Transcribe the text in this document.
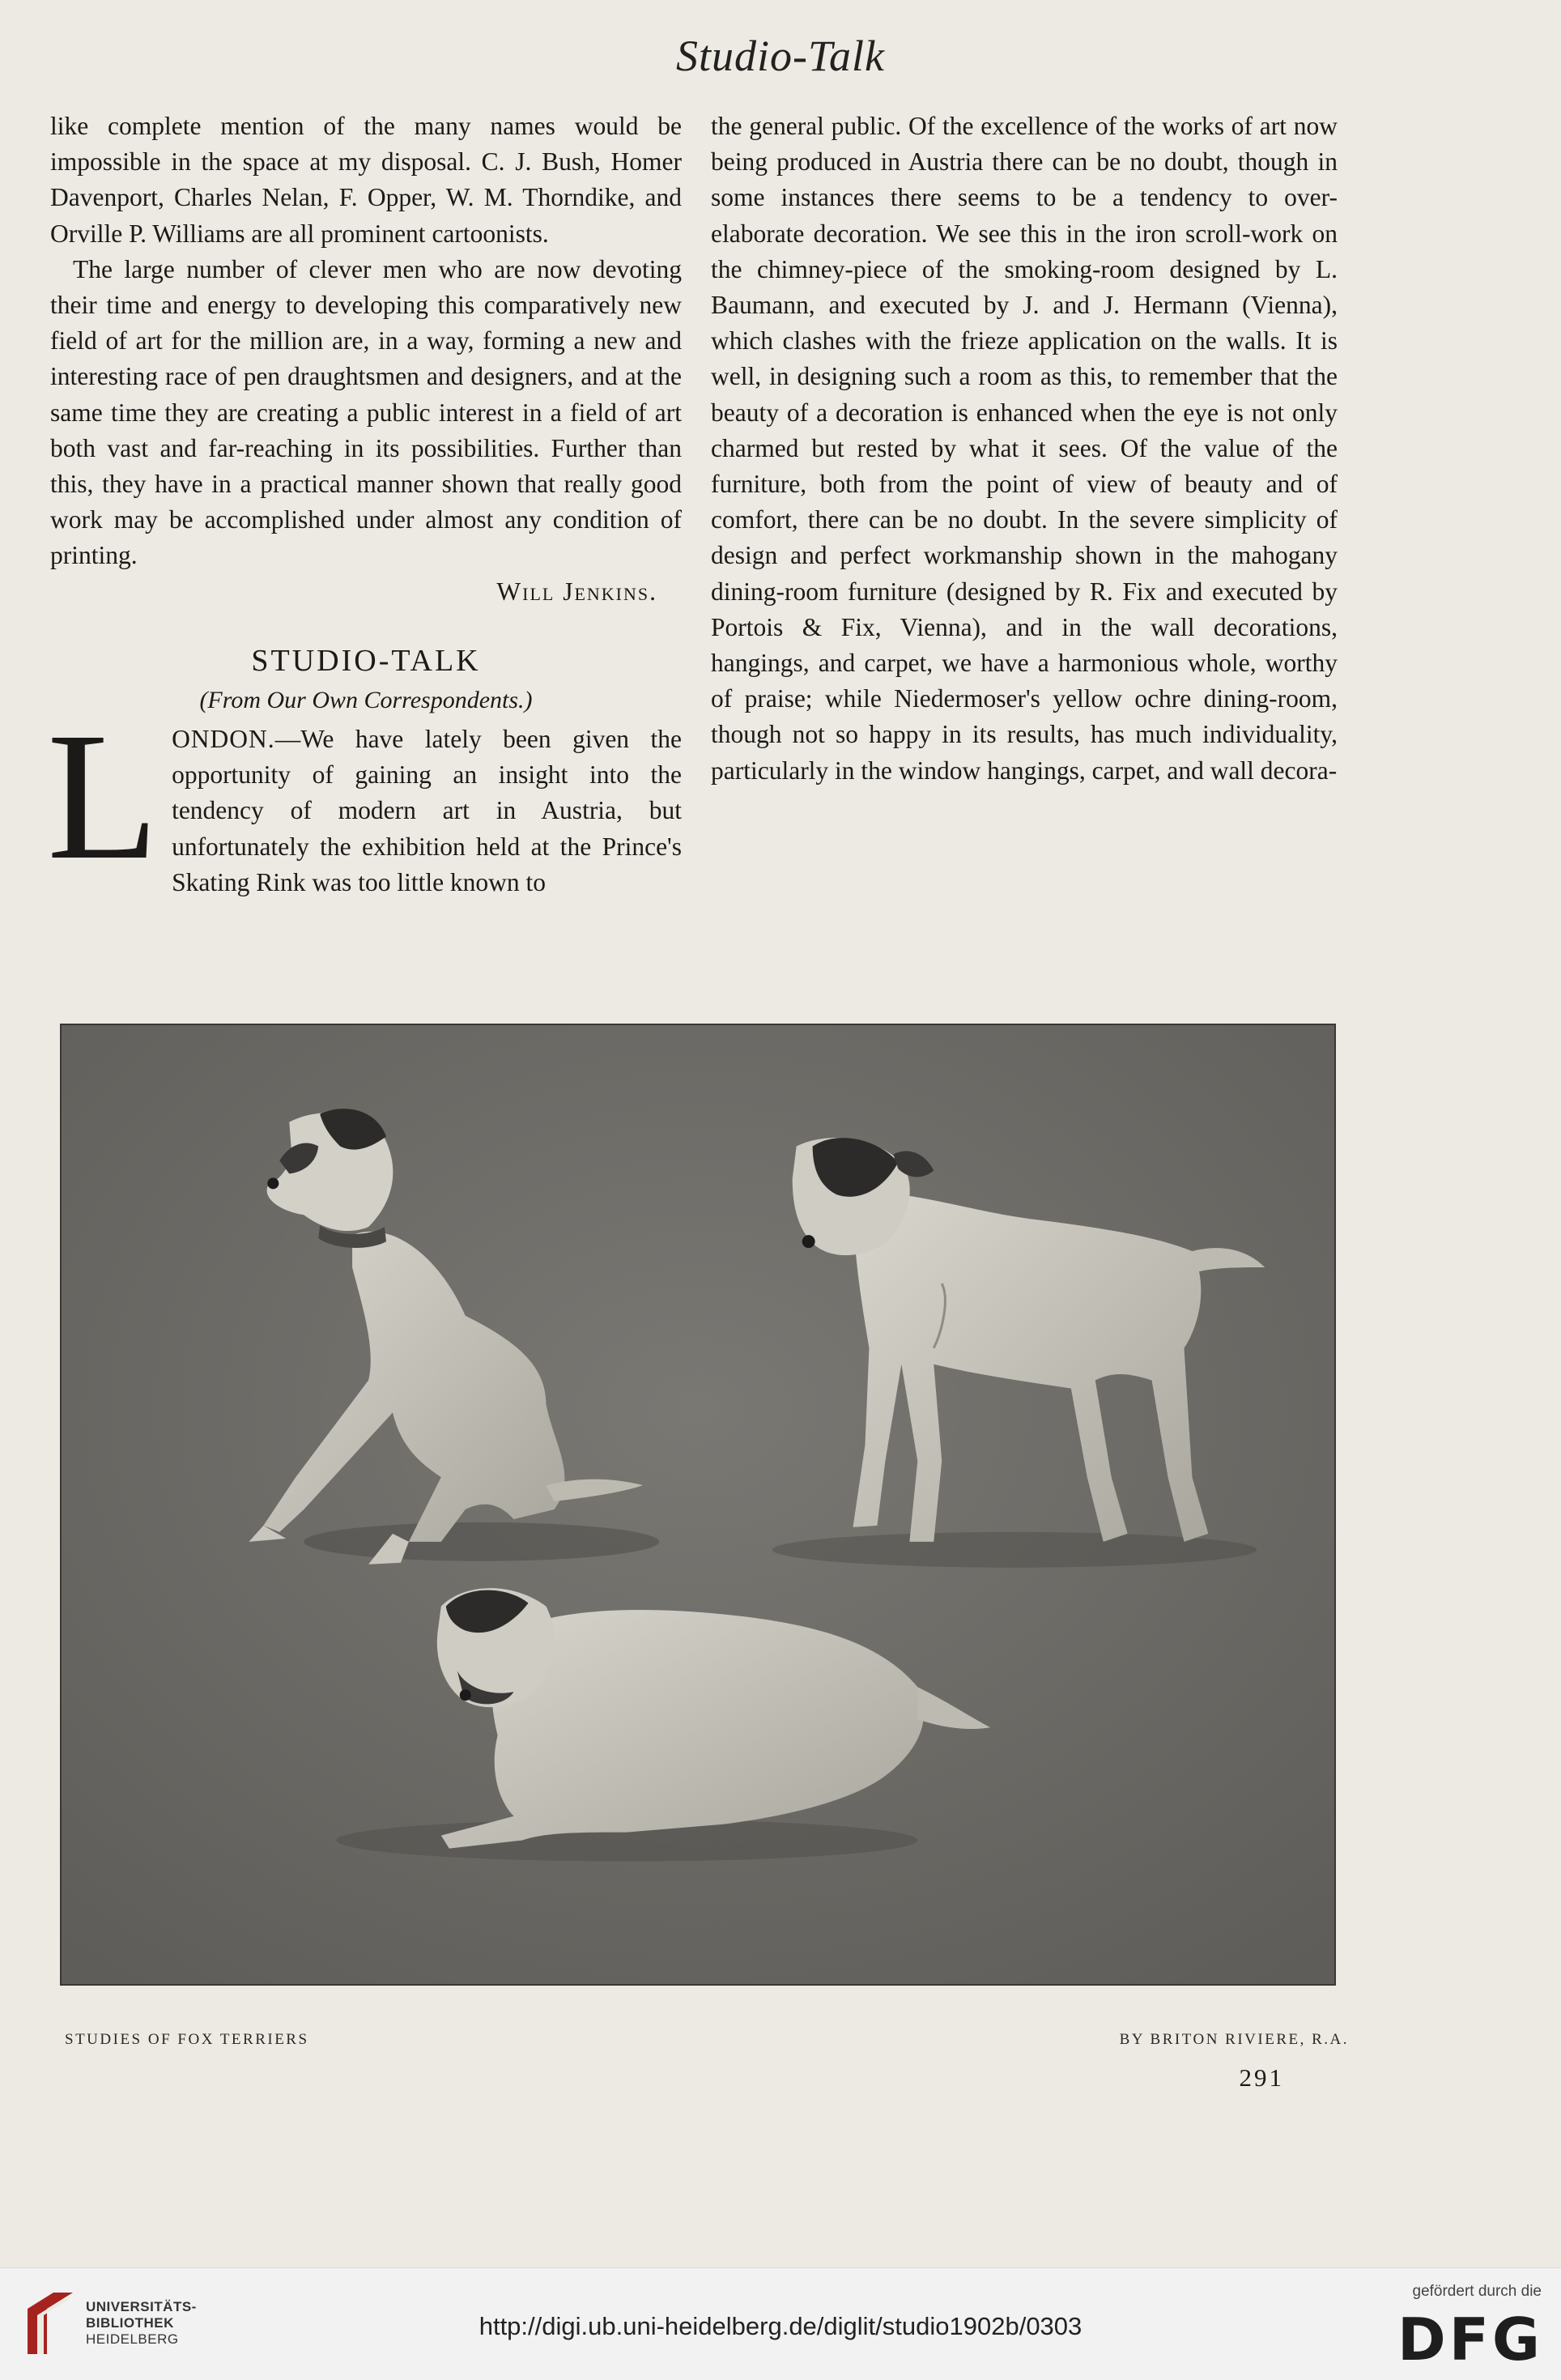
Studio-Talk

like complete mention of the many names would be impossible in the space at my disposal. C. J. Bush, Homer Davenport, Charles Nelan, F. Opper, W. M. Thorndike, and Orville P. Williams are all prominent cartoonists.

The large number of clever men who are now devoting their time and energy to developing this comparatively new field of art for the million are, in a way, forming a new and interesting race of pen draughtsmen and designers, and at the same time they are creating a public interest in a field of art both vast and far-reaching in its possibilities. Further than this, they have in a practical manner shown that really good work may be accomplished under almost any condition of printing.

Will Jenkins.

STUDIO-TALK

(From Our Own Correspondents.)

LONDON.—We have lately been given the opportunity of gaining an insight into the tendency of modern art in Austria, but unfortunately the exhibition held at the Prince's Skating Rink was too little known to

the general public. Of the excellence of the works of art now being produced in Austria there can be no doubt, though in some instances there seems to be a tendency to over-elaborate decoration. We see this in the iron scroll-work on the chimney-piece of the smoking-room designed by L. Baumann, and executed by J. and J. Hermann (Vienna), which clashes with the frieze application on the walls. It is well, in designing such a room as this, to remember that the beauty of a decoration is enhanced when the eye is not only charmed but rested by what it sees. Of the value of the furniture, both from the point of view of beauty and of comfort, there can be no doubt. In the severe simplicity of design and perfect workmanship shown in the mahogany dining-room furniture (designed by R. Fix and executed by Portois & Fix, Vienna), and in the wall decorations, hangings, and carpet, we have a harmonious whole, worthy of praise; while Niedermoser's yellow ochre dining-room, though not so happy in its results, has much individuality, particularly in the window hangings, carpet, and wall decora-

STUDIES OF FOX TERRIERS	BY BRITON RIVIERE, R.A.
291
UNIVERSITÄTS-
BIBLIOTHEK
HEIDELBERG	http://digi.ub.uni-heidelberg.de/diglit/studio1902b/0303
gefördert durch die
DFG
